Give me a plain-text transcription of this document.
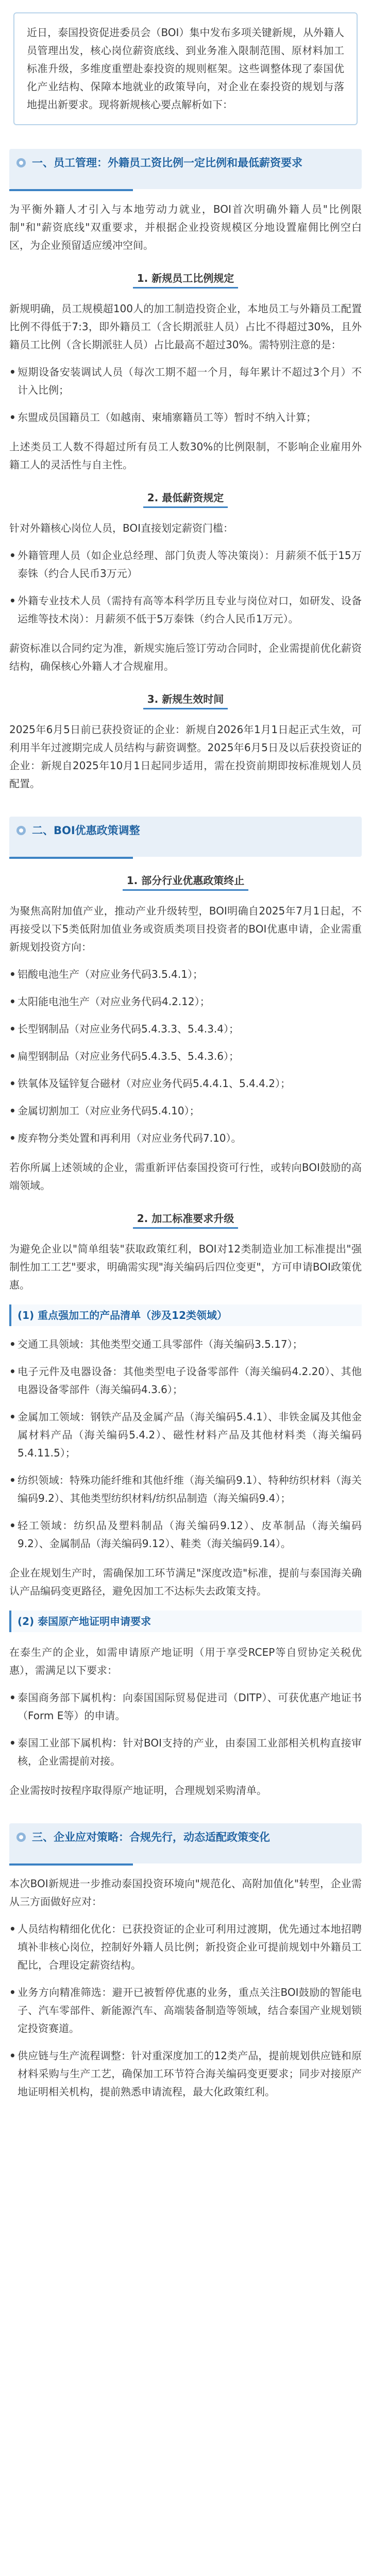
近日，泰国投资促进委员会（BOI）集中发布多项关键新规，从外籍人员管理出发，核心岗位薪资底线、到业务准入限制范围、原材料加工标准升级，多维度重塑赴泰投资的规则框架。这些调整体现了泰国优化产业结构、保障本地就业的政策导向，对企业在泰投资的规划与落地提出新要求。现将新规核心要点解析如下：
一、员工管理：外籍员工资比例一定比例和最低薪资要求

为平衡外籍人才引入与本地劳动力就业，BOI首次明确外籍人员"比例限制"和"薪资底线"双重要求，并根据企业投资规模区分地设置雇佣比例空白区，为企业预留适应缓冲空间。

1. 新规员工比例规定

新规明确，员工规模超100人的加工制造投资企业，本地员工与外籍员工配置比例不得低于7:3，即外籍员工（含长期派驻人员）占比不得超过30%，且外籍员工比例（含长期派驻人员）占比最高不超过30%。需特别注意的是：

• 短期设备安装调试人员（每次工期不超一个月，每年累计不超过3个月）不计入比例；
• 东盟成员国籍员工（如越南、柬埔寨籍员工等）暂时不纳入计算；

上述类员工人数不得超过所有员工人数30%的比例限制，不影响企业雇用外籍工人的灵活性与自主性。

2. 最低薪资规定

针对外籍核心岗位人员，BOI直接划定薪资门槛：

• 外籍管理人员（如企业总经理、部门负责人等决策岗）：月薪须不低于15万泰铢（约合人民币3万元）
• 外籍专业技术人员（需持有高等本科学历且专业与岗位对口，如研发、设备运维等技术岗）：月薪须不低于5万泰铢（约合人民币1万元）。

薪资标准以合同约定为准，新规实施后签订劳动合同时，企业需提前优化薪资结构，确保核心外籍人才合规雇用。

3. 新规生效时间

2025年6月5日前已获投资证的企业：新规自2026年1月1日起正式生效，可利用半年过渡期完成人员结构与薪资调整。2025年6月5日及以后获投资证的企业：新规自2025年10月1日起同步适用，需在投资前期即按标准规划人员配置。

二、BOI优惠政策调整
1. 部分行业优惠政策终止

为聚焦高附加值产业，推动产业升级转型，BOI明确自2025年7月1日起，不再接受以下5类低附加值业务或资质类项目投资者的BOI优惠申请，企业需重新规划投资方向：

• 铝酸电池生产（对应业务代码3.5.4.1）；
• 太阳能电池生产（对应业务代码4.2.12）；
• 长型钢制品（对应业务代码5.4.3.3、5.4.3.4）；
• 扁型钢制品（对应业务代码5.4.3.5、5.4.3.6）；
• 铁氧体及锰锌复合磁材（对应业务代码5.4.4.1、5.4.4.2）；
• 金属切割加工（对应业务代码5.4.10）；
• 废弃物分类处置和再利用（对应业务代码7.10）。

若你所属上述领域的企业，需重新评估泰国投资可行性，或转向BOI鼓励的高端领域。

2. 加工标准要求升级

为避免企业以"简单组装"获取政策红利，BOI对12类制造业加工标准提出"强制性加工工艺"要求，明确需实现"海关编码后四位变更"，方可申请BOI政策优惠。

(1) 重点强加工的产品清单（涉及12类领域）
• 交通工具领域：其他类型交通工具零部件（海关编码3.5.17）；
• 电子元件及电器设备：其他类型电子设备零部件（海关编码4.2.20）、其他电器设备零部件（海关编码4.3.6）；
• 金属加工领域：钢铁产品及金属产品（海关编码5.4.1）、非铁金属及其他金属材料产品（海关编码5.4.2）、磁性材料产品及其他材料类（海关编码5.4.11.5）；
• 纺织领域：特殊功能纤维和其他纤维（海关编码9.1）、特种纺织材料（海关编码9.2）、其他类型纺织材料/纺织品制造（海关编码9.4）；
• 轻工领域：纺织品及塑料制品（海关编码9.12）、皮革制品（海关编码9.2）、金属制品（海关编码9.12）、鞋类（海关编码9.14）。

企业在规划生产时，需确保加工环节满足"深度改造"标准，提前与泰国海关确认产品编码变更路径，避免因加工不达标失去政策支持。

(2) 泰国原产地证明申请要求

在泰生产的企业，如需申请原产地证明（用于享受RCEP等自贸协定关税优惠），需满足以下要求：

• 泰国商务部下属机构：向泰国国际贸易促进司（DITP）、可获优惠产地证书（Form E等）的申请。
• 泰国工业部下属机构：针对BOI支持的产业，由泰国工业部相关机构直接审核，企业需提前对接。

企业需按时按程序取得原产地证明，合理规划采购清单。

三、企业应对策略：合规先行，动态适配政策变化

本次BOI新规进一步推动泰国投资环境向"规范化、高附加值化"转型，企业需从三方面做好应对：

• 人员结构精细化优化：已获投资证的企业可利用过渡期，优先通过本地招聘填补非核心岗位，控制好外籍人员比例；新投资企业可提前规划中外籍员工配比，合理设定薪资结构。
• 业务方向精准筛选：避开已被暂停优惠的业务，重点关注BOI鼓励的智能电子、汽车零部件、新能源汽车、高端装备制造等领域，结合泰国产业规划锁定投资赛道。
• 供应链与生产流程调整：针对重深度加工的12类产品，提前规划供应链和原材料采购与生产工艺，确保加工环节符合海关编码变更要求；同步对接原产地证明相关机构，提前熟悉申请流程，最大化政策红利。
